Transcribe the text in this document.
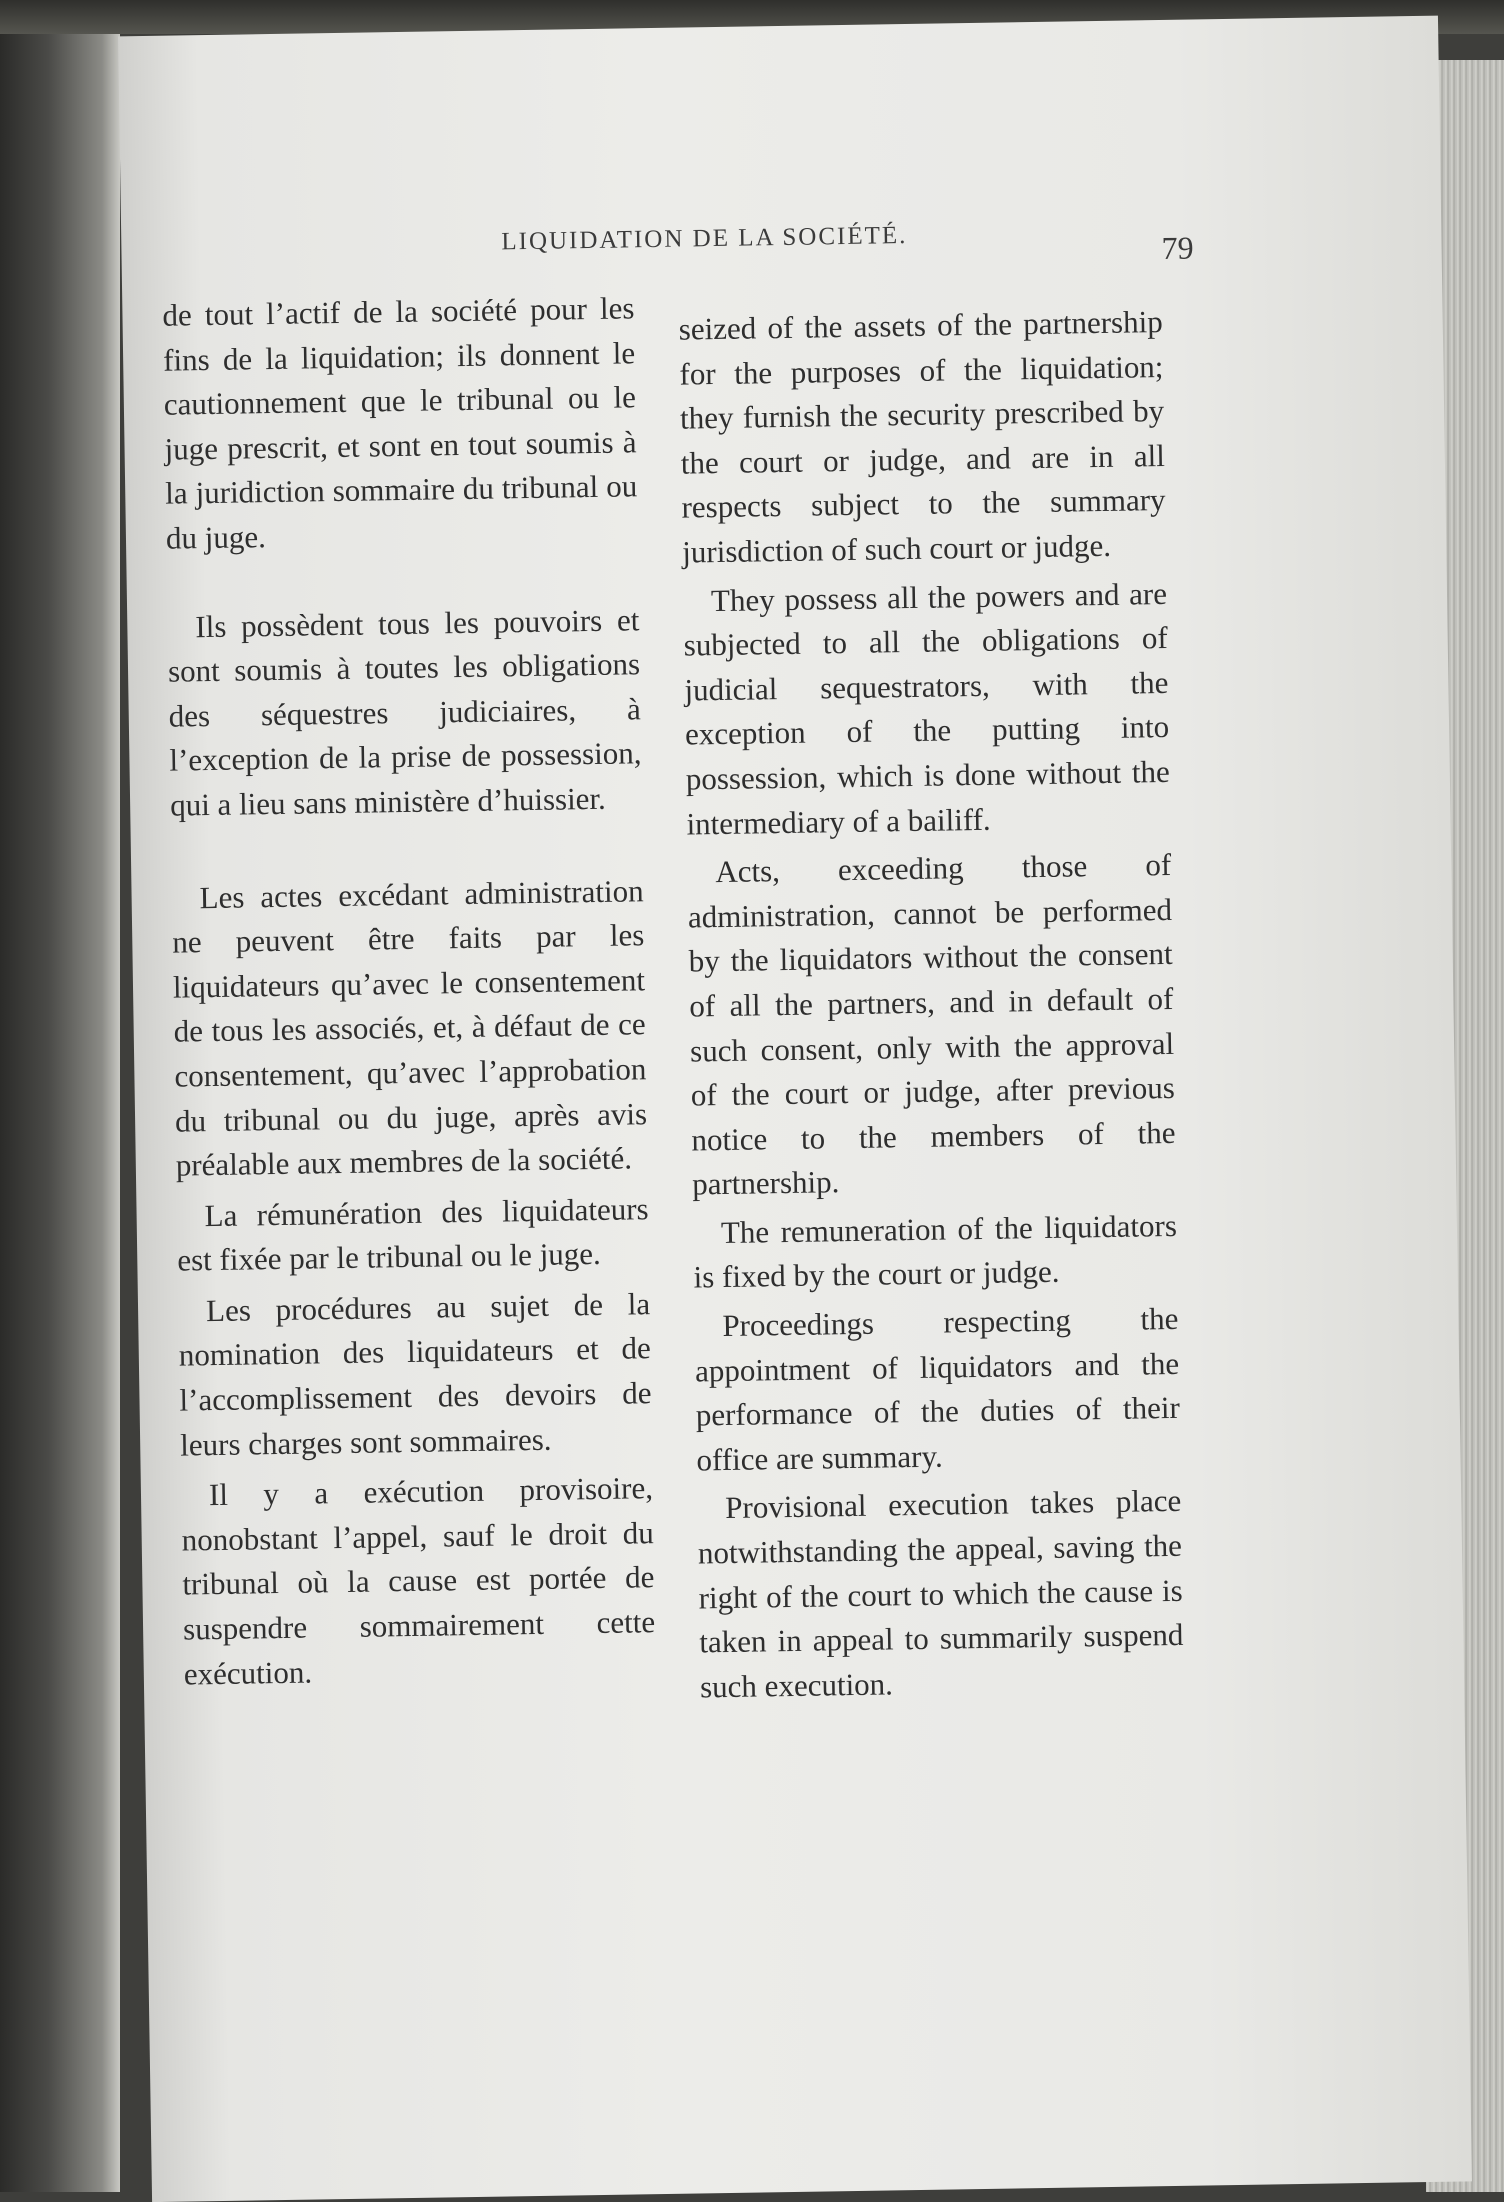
LIQUIDATION DE LA SOCIÉTÉ.	79

de tout l’actif de la société pour les fins de la liquidation; ils donnent le cautionnement que le tribunal ou le juge prescrit, et sont en tout soumis à la juridiction sommaire du tribunal ou du juge.

Ils possèdent tous les pouvoirs et sont soumis à toutes les obligations des séquestres judiciaires, à l’exception de la prise de possession, qui a lieu sans ministère d’huissier.

Les actes excédant administration ne peuvent être faits par les liquidateurs qu’avec le consentement de tous les associés, et, à défaut de ce consentement, qu’avec l’approbation du tribunal ou du juge, après avis préalable aux membres de la société.

La rémunération des liquidateurs est fixée par le tribunal ou le juge.

Les procédures au sujet de la nomination des liquidateurs et de l’accomplissement des devoirs de leurs charges sont sommaires.

Il y a exécution provisoire, nonobstant l’appel, sauf le droit du tribunal où la cause est portée de suspendre sommairement cette exécution.

seized of the assets of the partnership for the purposes of the liquidation; they furnish the security prescribed by the court or judge, and are in all respects subject to the summary jurisdiction of such court or judge.

They possess all the powers and are subjected to all the obligations of judicial sequestrators, with the exception of the putting into possession, which is done without the intermediary of a bailiff.

Acts, exceeding those of administration, cannot be performed by the liquidators without the consent of all the partners, and in default of such consent, only with the approval of the court or judge, after previous notice to the members of the partnership.

The remuneration of the liquidators is fixed by the court or judge.

Proceedings respecting the appointment of liquidators and the performance of the duties of their office are summary.

Provisional execution takes place notwithstanding the appeal, saving the right of the court to which the cause is taken in appeal to summarily suspend such execution.
